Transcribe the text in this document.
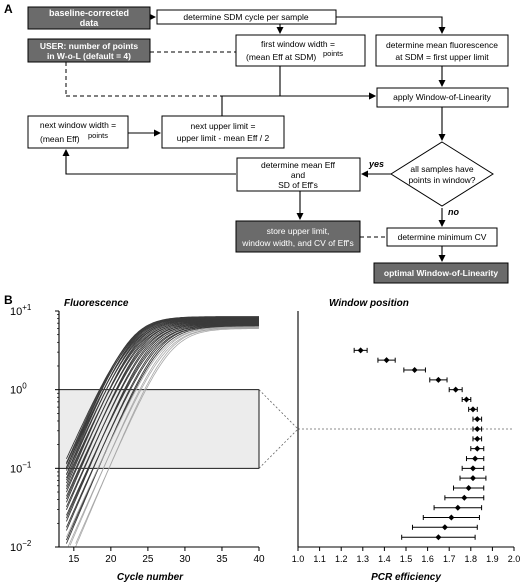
A	baseline-corrected
data
determine SDM cycle per sample
USER: number of points
in W-o-L (default = 4)
first window width =
(mean Eff at SDM) points
determine mean fluorescence
at SDM = first upper limit
apply Window-of-Linearity
next window width =
(mean Eff) points
next upper limit =
upper limit - mean Eff / 2
all samples have
points in window?
determine mean Eff
and
SD of Eff's
store upper limit,
window width, and CV of Eff's
determine minimum CV
optimal Window-of-Linearity
yes
no
B	Fluorescence
$10^{+1}$
$10^0$
$10^{-1}$
$10^{-2}$
15	20	25	30	35	40
Cycle number
Window position
1.0 1.1 1.2 1.3 1.4 1.5 1.6 1.7 1.8 1.9 2.0
PCR efficiency
